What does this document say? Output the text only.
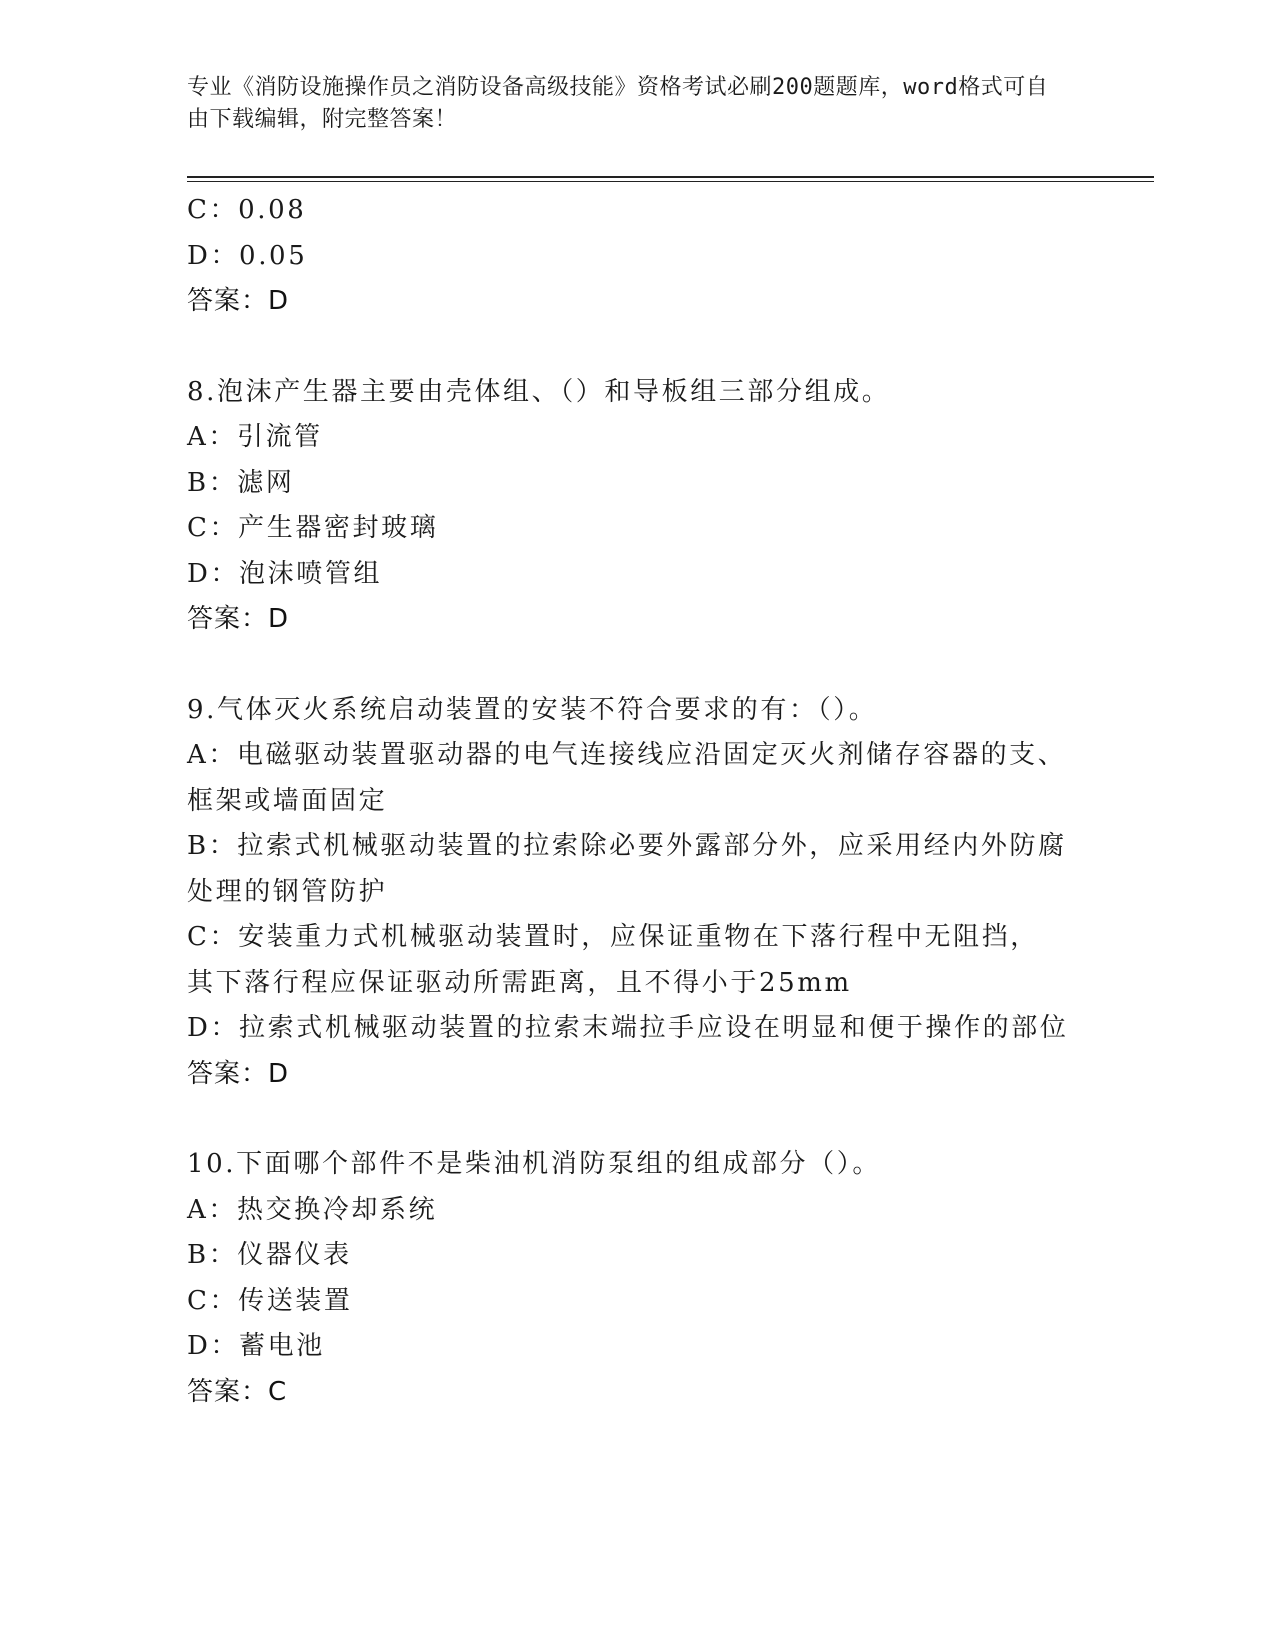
专业《消防设施操作员之消防设备高级技能》资格考试必刷200题题库，word格式可自由下载编辑，附完整答案！
C：0.08
D：0.05
答案：D
8.泡沫产生器主要由壳体组、（）和导板组三部分组成。
A：引流管
B：滤网
C：产生器密封玻璃
D：泡沫喷管组
答案：D
9.气体灭火系统启动装置的安装不符合要求的有：（）。
A：电磁驱动装置驱动器的电气连接线应沿固定灭火剂储存容器的支、框架或墙面固定
B：拉索式机械驱动装置的拉索除必要外露部分外，应采用经内外防腐处理的钢管防护
C：安装重力式机械驱动装置时，应保证重物在下落行程中无阻挡，其下落行程应保证驱动所需距离，且不得小于25mm
D：拉索式机械驱动装置的拉索末端拉手应设在明显和便于操作的部位
答案：D
10.下面哪个部件不是柴油机消防泵组的组成部分（）。
A：热交换冷却系统
B：仪器仪表
C：传送装置
D：蓄电池
答案：C
